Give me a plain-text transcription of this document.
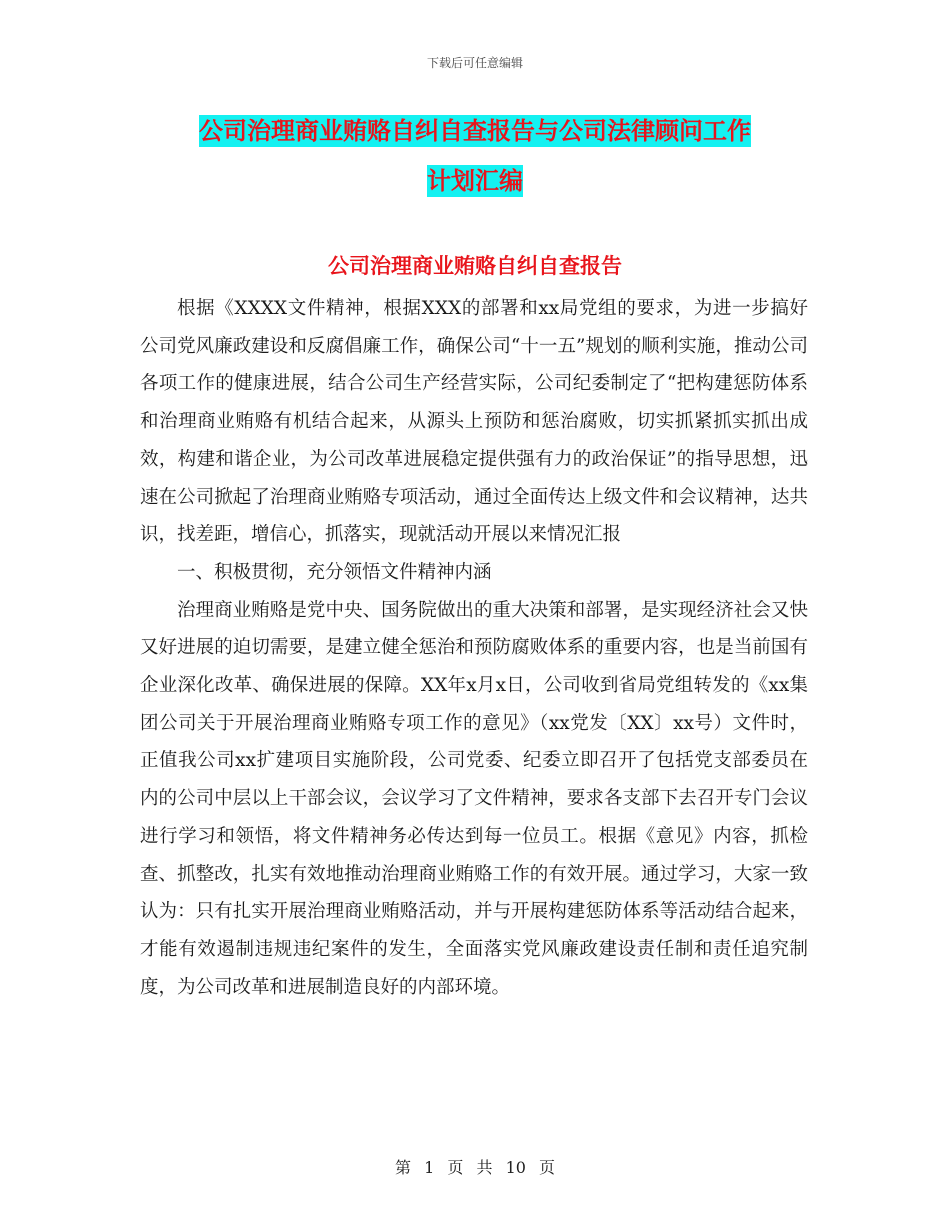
下载后可任意编辑
公司治理商业贿赂自纠自查报告与公司法律顾问工作
计划汇编
公司治理商业贿赂自纠自查报告

根据《XXXX文件精神，根据XXX的部署和xx局党组的要求，为进一步搞好公司党风廉政建设和反腐倡廉工作，确保公司“十一五”规划的顺利实施，推动公司各项工作的健康进展，结合公司生产经营实际，公司纪委制定了“把构建惩防体系和治理商业贿赂有机结合起来，从源头上预防和惩治腐败，切实抓紧抓实抓出成效，构建和谐企业，为公司改革进展稳定提供强有力的政治保证”的指导思想，迅速在公司掀起了治理商业贿赂专项活动，通过全面传达上级文件和会议精神，达共识，找差距，增信心，抓落实，现就活动开展以来情况汇报

一、积极贯彻，充分领悟文件精神内涵

治理商业贿赂是党中央、国务院做出的重大决策和部署，是实现经济社会又快又好进展的迫切需要，是建立健全惩治和预防腐败体系的重要内容，也是当前国有企业深化改革、确保进展的保障。XX年x月x日，公司收到省局党组转发的《xx集团公司关于开展治理商业贿赂专项工作的意见》（xx党发〔XX〕xx号）文件时，正值我公司xx扩建项目实施阶段，公司党委、纪委立即召开了包括党支部委员在内的公司中层以上干部会议，会议学习了文件精神，要求各支部下去召开专门会议进行学习和领悟，将文件精神务必传达到每一位员工。根据《意见》内容，抓检查、抓整改，扎实有效地推动治理商业贿赂工作的有效开展。通过学习，大家一致认为：只有扎实开展治理商业贿赂活动，并与开展构建惩防体系等活动结合起来，才能有效遏制违规违纪案件的发生，全面落实党风廉政建设责任制和责任追究制度，为公司改革和进展制造良好的内部环境。

第 1 页 共 10 页
